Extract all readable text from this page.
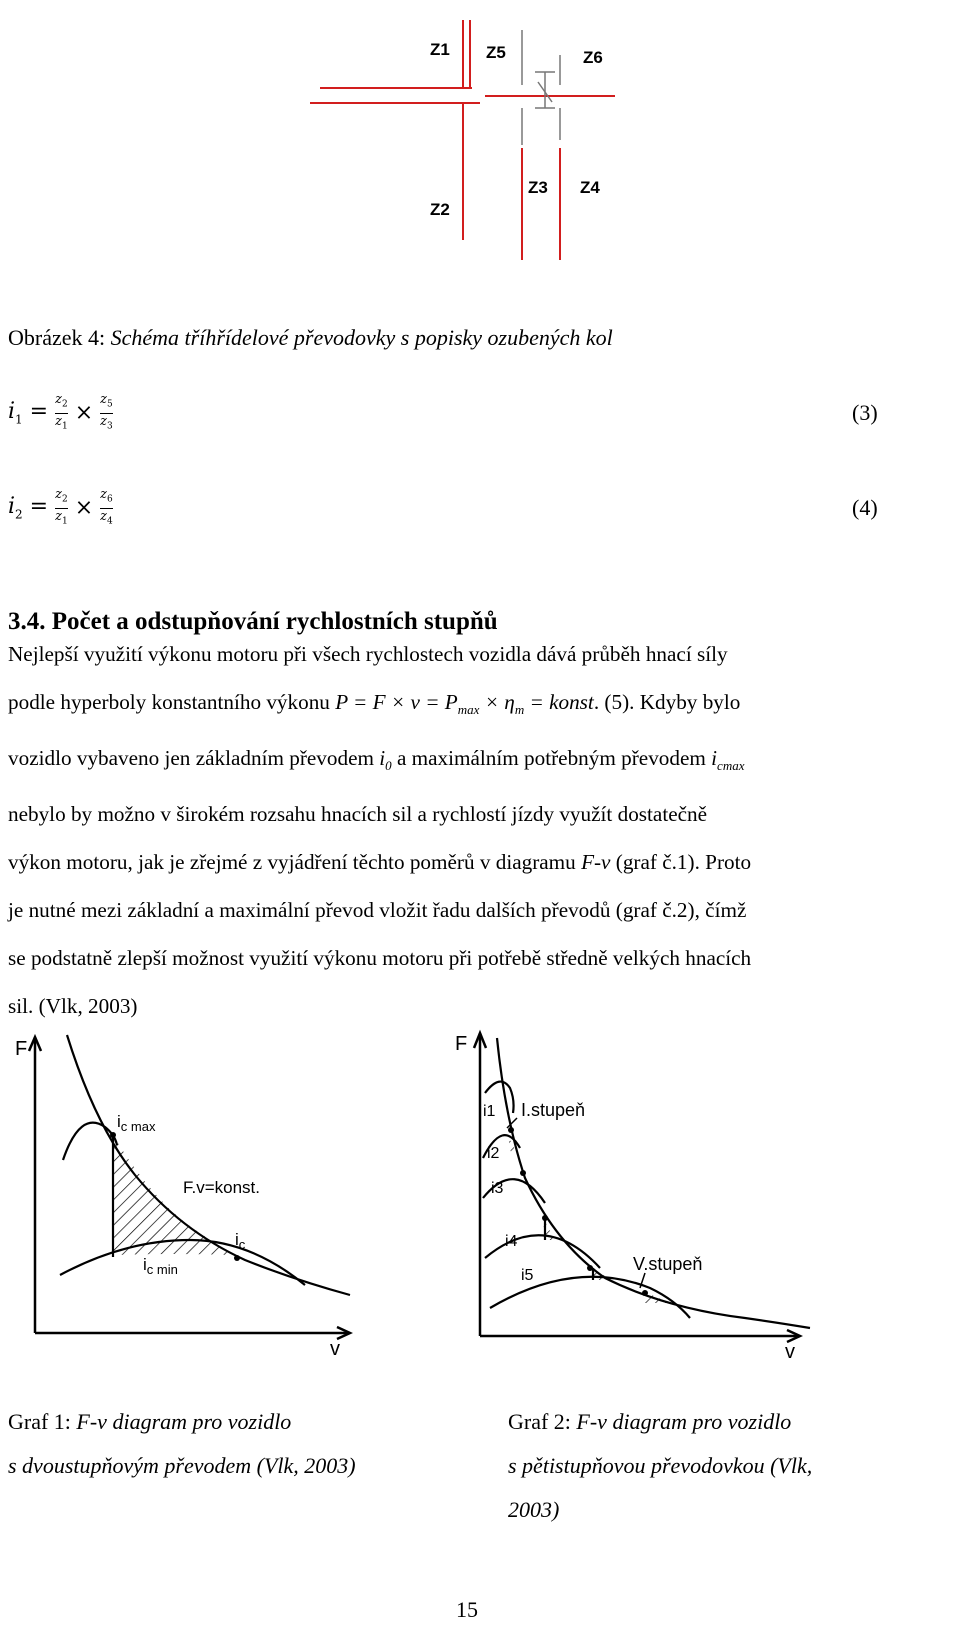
Z1 Z5	Z6
Z3 Z4
Z2
Obrázek 4: Schéma tříhřídelové převodovky s popisky ozubených kol
$i_1 = \frac{z_2}{z_1} \times \frac{z_5}{z_3}$	(3)
$i_2 = \frac{z_2}{z_1} \times \frac{z_6}{z_4}$	(4)
3.4. Počet a odstupňování rychlostních stupňů
Nejlepší využití výkonu motoru při všech rychlostech vozidla dává průběh hnací síly
podle hyperboly konstantního výkonu $P = F \times v = P_{max} \times \eta_m$ = konst. (5). Kdyby bylo
vozidlo vybaveno jen základním převodem $i_0$ a maximálním potřebným převodem $i_{cmax}$
nebylo by možno v širokém rozsahu hnacích sil a rychlostí jízdy využít dostatečně
výkon motoru, jak je zřejmé z vyjádření těchto poměrů v diagramu F-v (graf č.1). Proto
je nutné mezi základní a maximální převod vložit řadu dalších převodů (graf č.2), čímž
se podstatně zlepší možnost využití výkonu motoru při potřebě středně velkých hnacích
sil. (Vlk, 2003)
F
v
$i_{c max}$
F.v=konst.
$i_{c min}$
$i_c$
F
v
i1 I.stupeň
i2
i3
i4
i5
V.stupeň
Graf 1: F-v diagram pro vozidlo
s dvoustupňovým převodem (Vlk, 2003)
Graf 2: F-v diagram pro vozidlo
s pětistupňovou převodovkou (Vlk,
2003)
15
